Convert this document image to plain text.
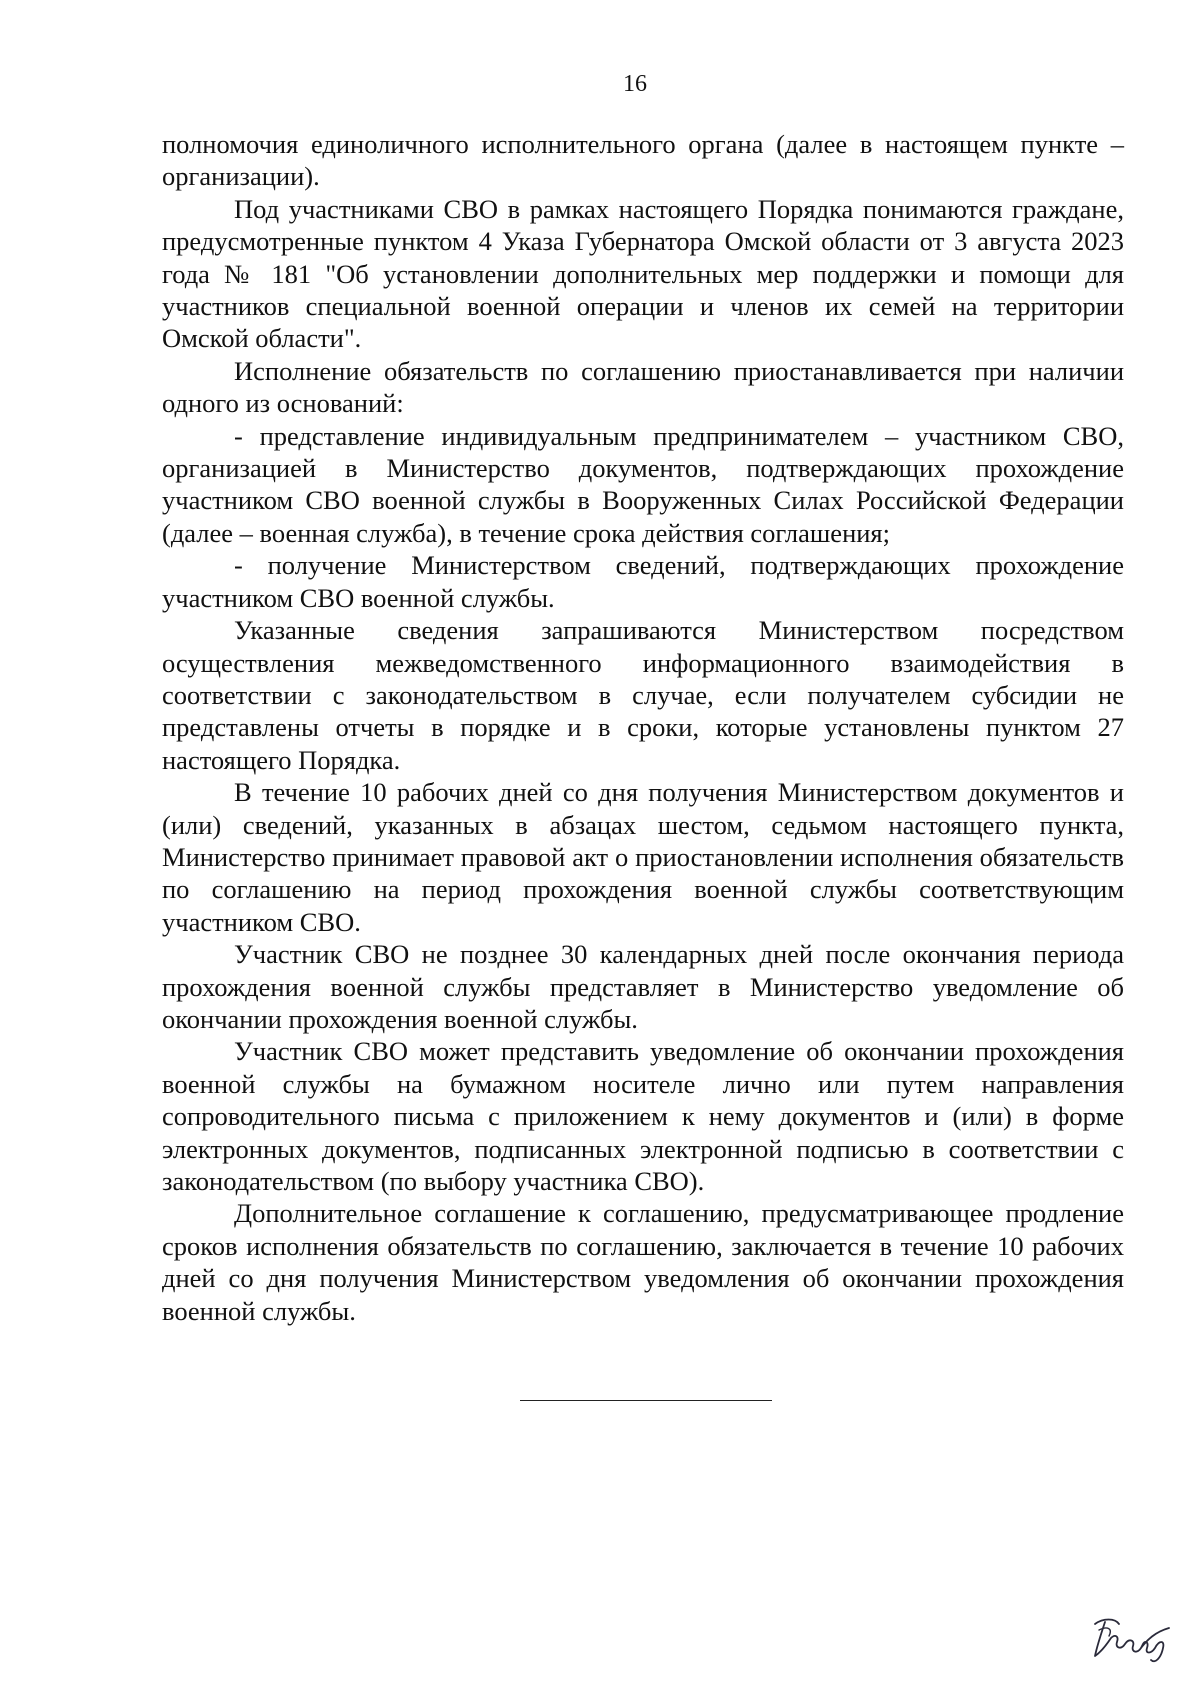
16

полномочия единоличного исполнительного органа (далее в настоящем пункте – организации).

Под участниками СВО в рамках настоящего Порядка понимаются граждане, предусмотренные пунктом 4 Указа Губернатора Омской области от 3 августа 2023 года № 181 "Об установлении дополнительных мер поддержки и помощи для участников специальной военной операции и членов их семей на территории Омской области".

Исполнение обязательств по соглашению приостанавливается при наличии одного из оснований:

- представление индивидуальным предпринимателем – участником СВО, организацией в Министерство документов, подтверждающих прохождение участником СВО военной службы в Вооруженных Силах Российской Федерации (далее – военная служба), в течение срока действия соглашения;

- получение Министерством сведений, подтверждающих прохождение участником СВО военной службы.

Указанные сведения запрашиваются Министерством посредством осуществления межведомственного информационного взаимодействия в соответствии с законодательством в случае, если получателем субсидии не представлены отчеты в порядке и в сроки, которые установлены пунктом 27 настоящего Порядка.

В течение 10 рабочих дней со дня получения Министерством документов и (или) сведений, указанных в абзацах шестом, седьмом настоящего пункта, Министерство принимает правовой акт о приостановлении исполнения обязательств по соглашению на период прохождения военной службы соответствующим участником СВО.

Участник СВО не позднее 30 календарных дней после окончания периода прохождения военной службы представляет в Министерство уведомление об окончании прохождения военной службы.

Участник СВО может представить уведомление об окончании прохождения военной службы на бумажном носителе лично или путем направления сопроводительного письма с приложением к нему документов и (или) в форме электронных документов, подписанных электронной подписью в соответствии с законодательством (по выбору участника СВО).

Дополнительное соглашение к соглашению, предусматривающее продление сроков исполнения обязательств по соглашению, заключается в течение 10 рабочих дней со дня получения Министерством уведомления об окончании прохождения военной службы.
